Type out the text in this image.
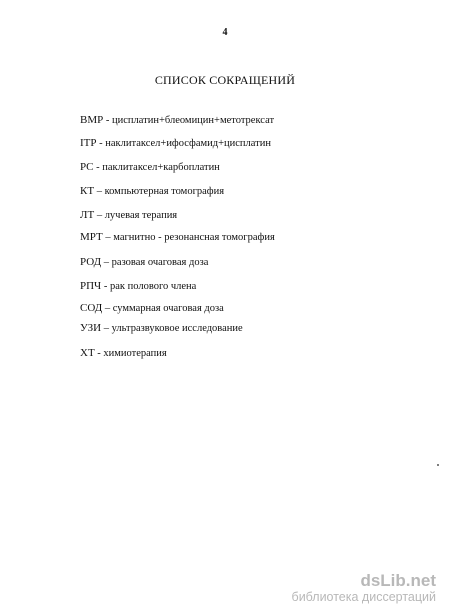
4
СПИСОК СОКРАЩЕНИЙ
BMP - цисплатин+блеомицин+метотрексат
ITP - наклитаксел+ифосфамид+цисплатин
PC - паклитаксел+карбоплатин
КТ – компьютерная томография
ЛТ – лучевая терапия
МРТ – магнитно - резонансная томография
РОД – разовая очаговая доза
РПЧ - рак полового члена
СОД – суммарная очаговая доза
УЗИ – ультразвуковое исследование
ХТ - химиотерапия
dsLib.net
библиотека диссертаций
